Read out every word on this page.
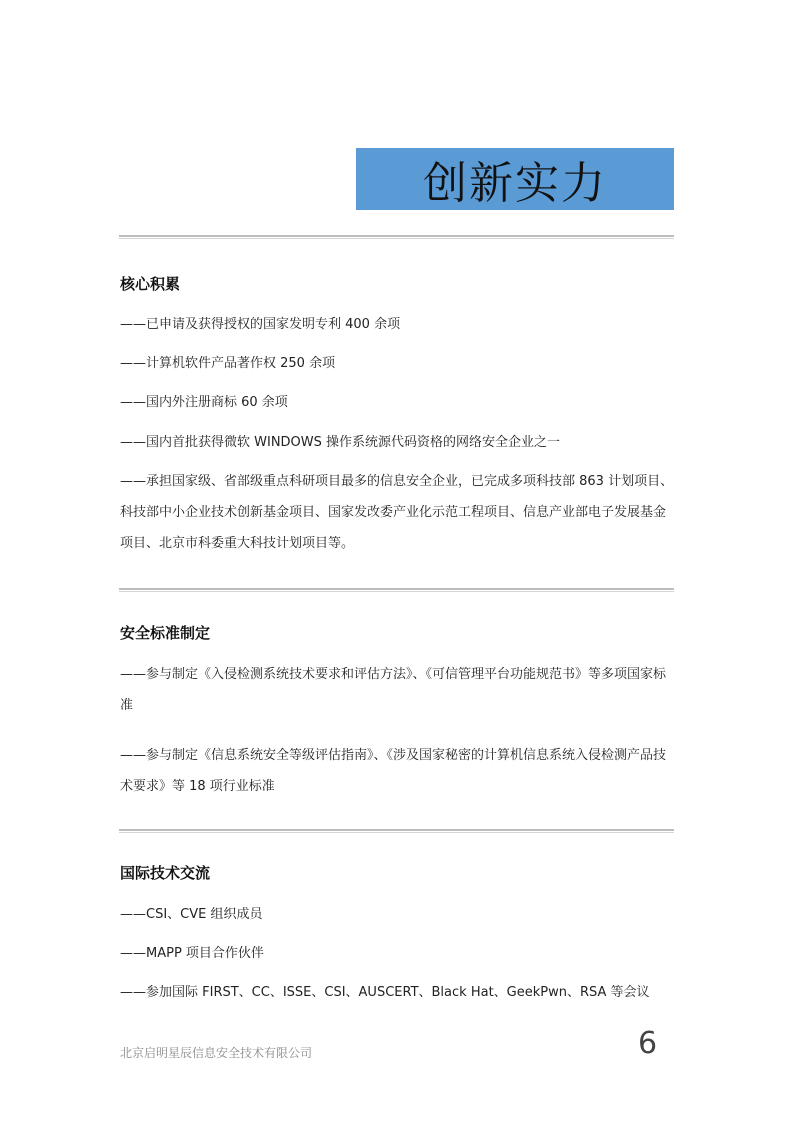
创新实力
核心积累
——已申请及获得授权的国家发明专利 400 余项
——计算机软件产品著作权 250 余项
——国内外注册商标 60 余项
——国内首批获得微软 WINDOWS 操作系统源代码资格的网络安全企业之一
——承担国家级、省部级重点科研项目最多的信息安全企业，已完成多项科技部 863 计划项目、科技部中小企业技术创新基金项目、国家发改委产业化示范工程项目、信息产业部电子发展基金项目、北京市科委重大科技计划项目等。
安全标准制定
——参与制定《入侵检测系统技术要求和评估方法》、《可信管理平台功能规范书》等多项国家标准
——参与制定《信息系统安全等级评估指南》、《涉及国家秘密的计算机信息系统入侵检测产品技术要求》等 18 项行业标准
国际技术交流
——CSI、CVE 组织成员
——MAPP 项目合作伙伴
——参加国际 FIRST、CC、ISSE、CSI、AUSCERT、Black Hat、GeekPwn、RSA 等会议
北京启明星辰信息安全技术有限公司	6
